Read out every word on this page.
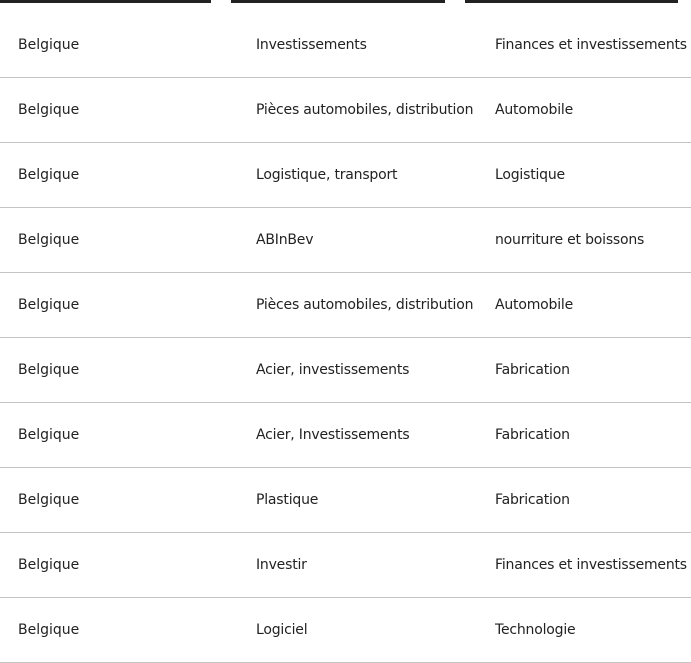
Belgique	Investissements	Finances et investissements
Belgique	Pièces automobiles, distribution	Automobile
Belgique	Logistique, transport	Logistique
Belgique	ABInBev	nourriture et boissons
Belgique	Pièces automobiles, distribution	Automobile
Belgique	Acier, investissements	Fabrication
Belgique	Acier, Investissements	Fabrication
Belgique	Plastique	Fabrication
Belgique	Investir	Finances et investissements
Belgique	Logiciel	Technologie
